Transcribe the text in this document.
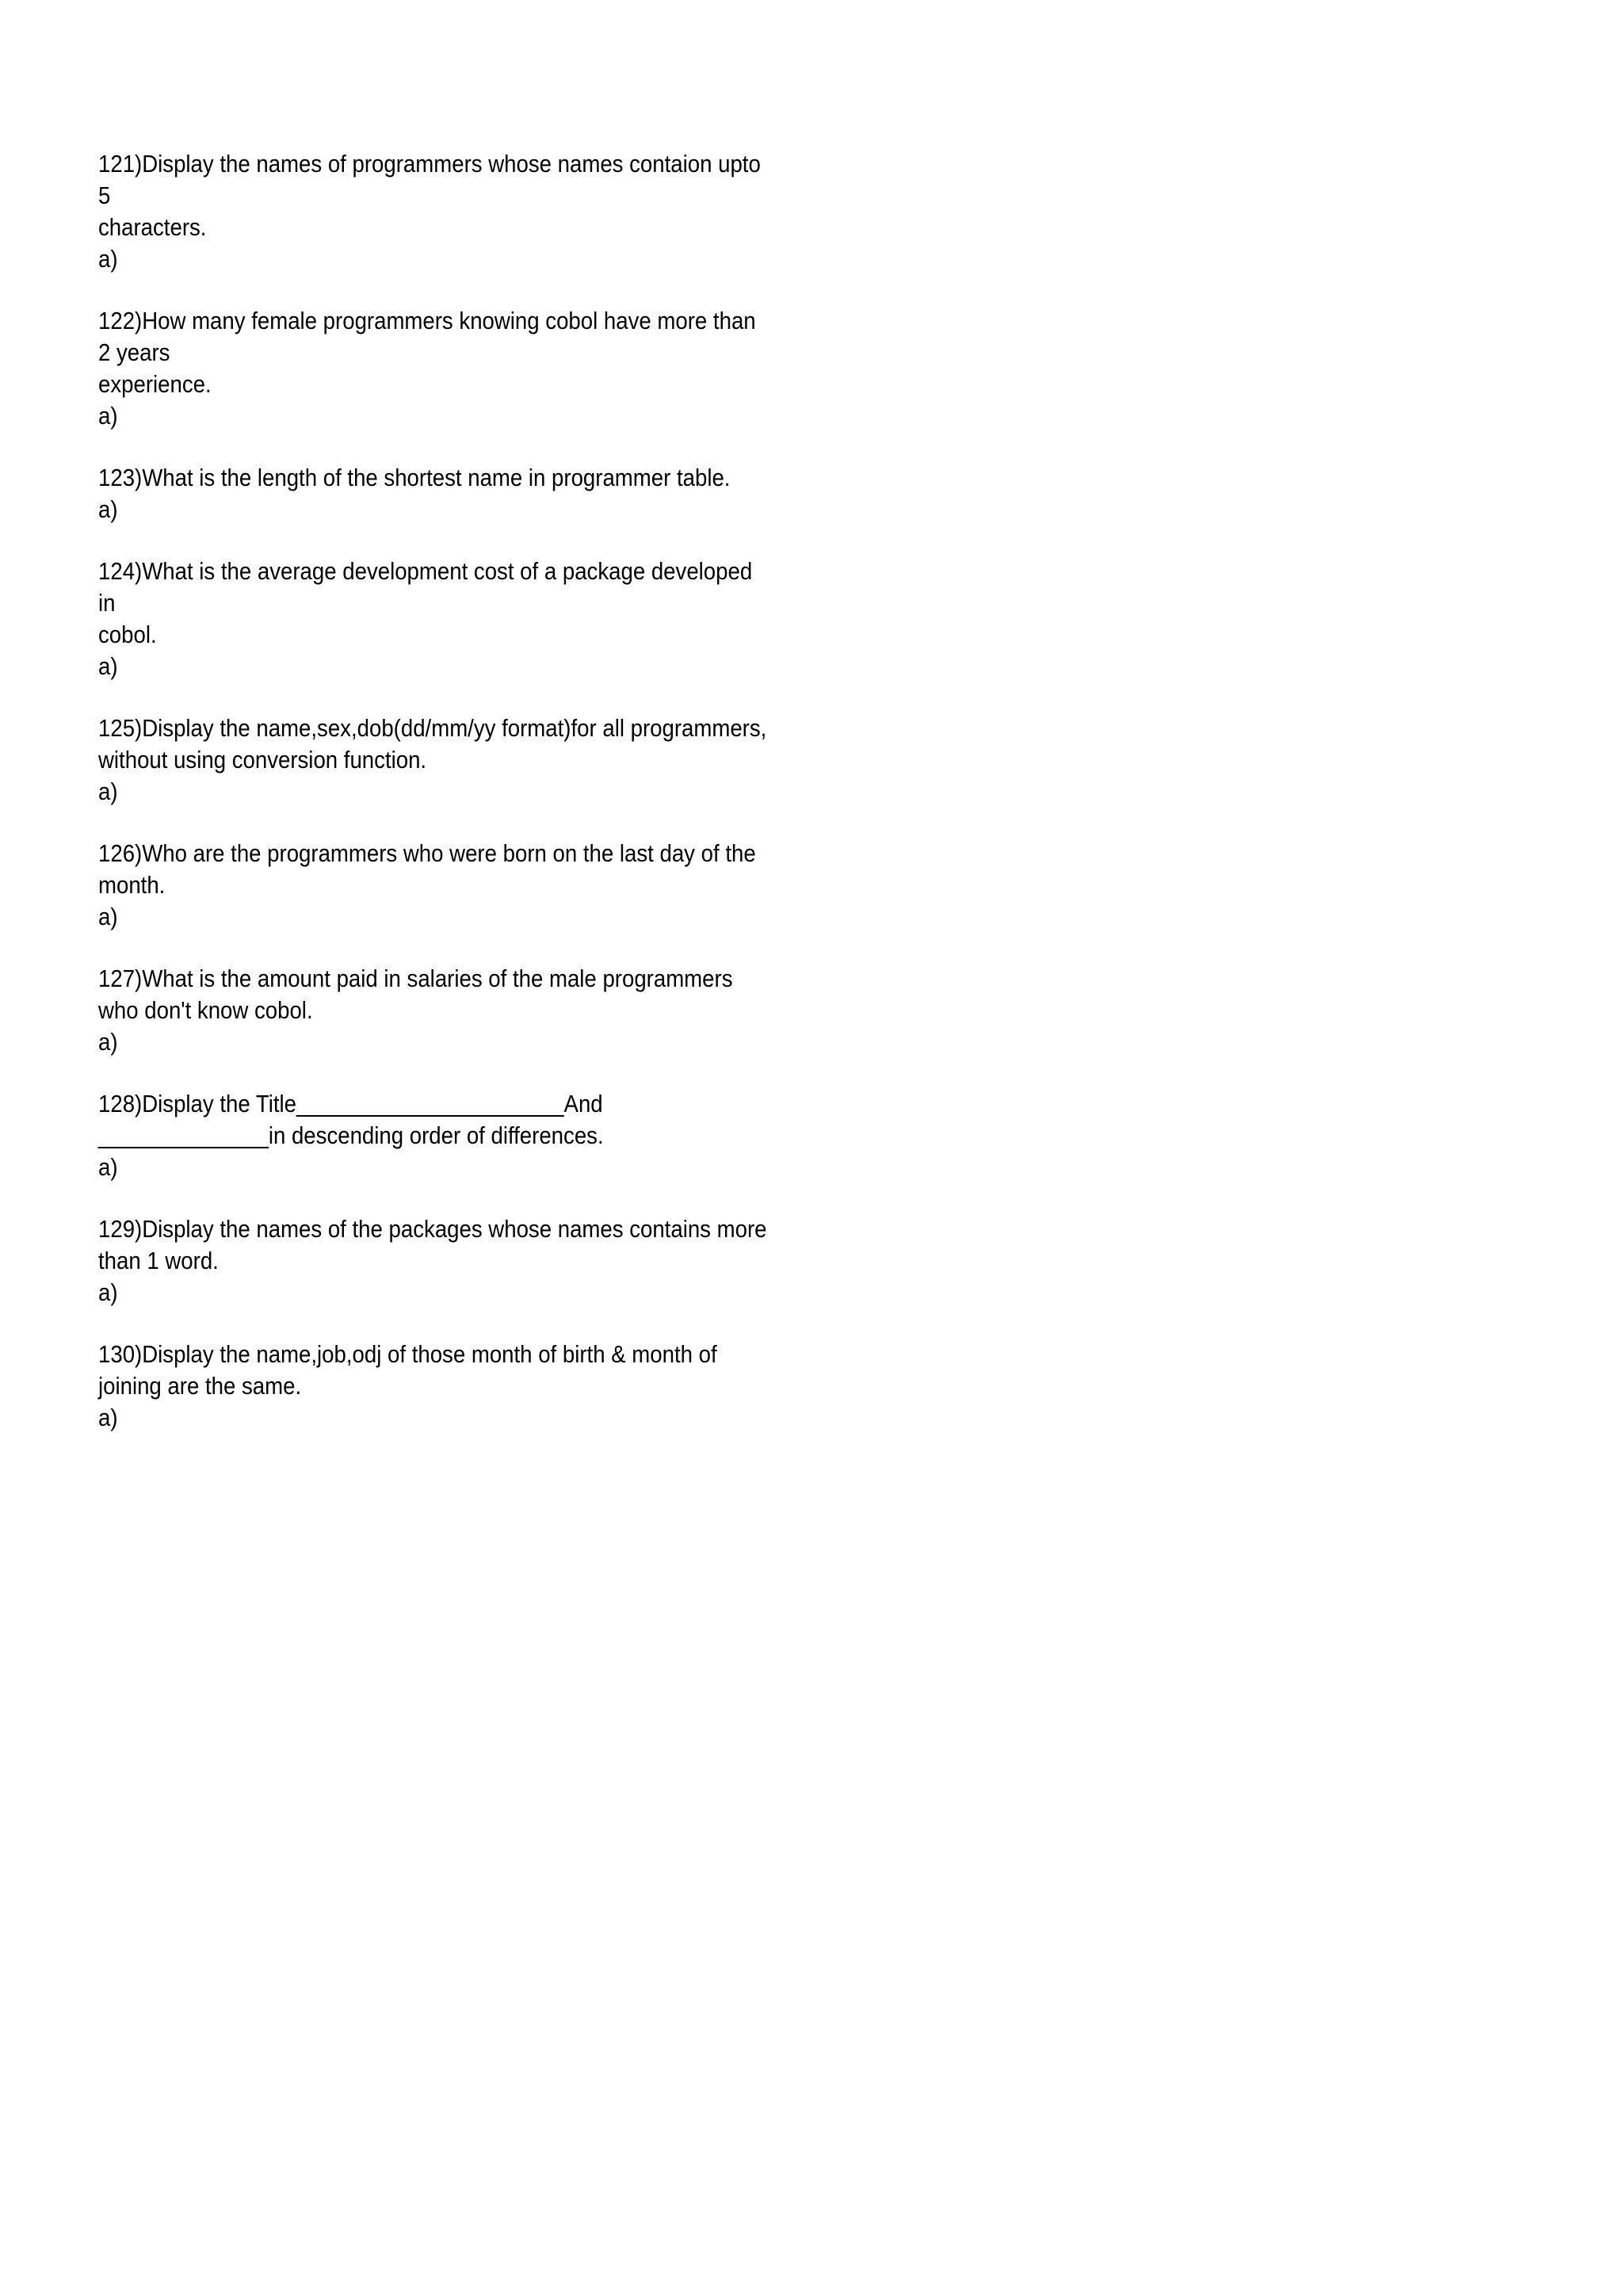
121)Display the names of programmers whose names contaion upto
5
characters.
a)
122)How many female programmers knowing cobol have more than
2 years
experience.
a)
123)What is the length of the shortest name in programmer table.
a)
124)What is the average development cost of a package developed
in
cobol.
a)
125)Display the name,sex,dob(dd/mm/yy format)for all programmers,
without using conversion function.
a)
126)Who are the programmers who were born on the last day of the
month.
a)
127)What is the amount paid in salaries of the male programmers
who don't know cobol.
a)
128)Display the Title______________________And
______________in descending order of differences.
a)
129)Display the names of the packages whose names contains more
than 1 word.
a)
130)Display the name,job,odj of those month of birth & month of
joining are the same.
a)
